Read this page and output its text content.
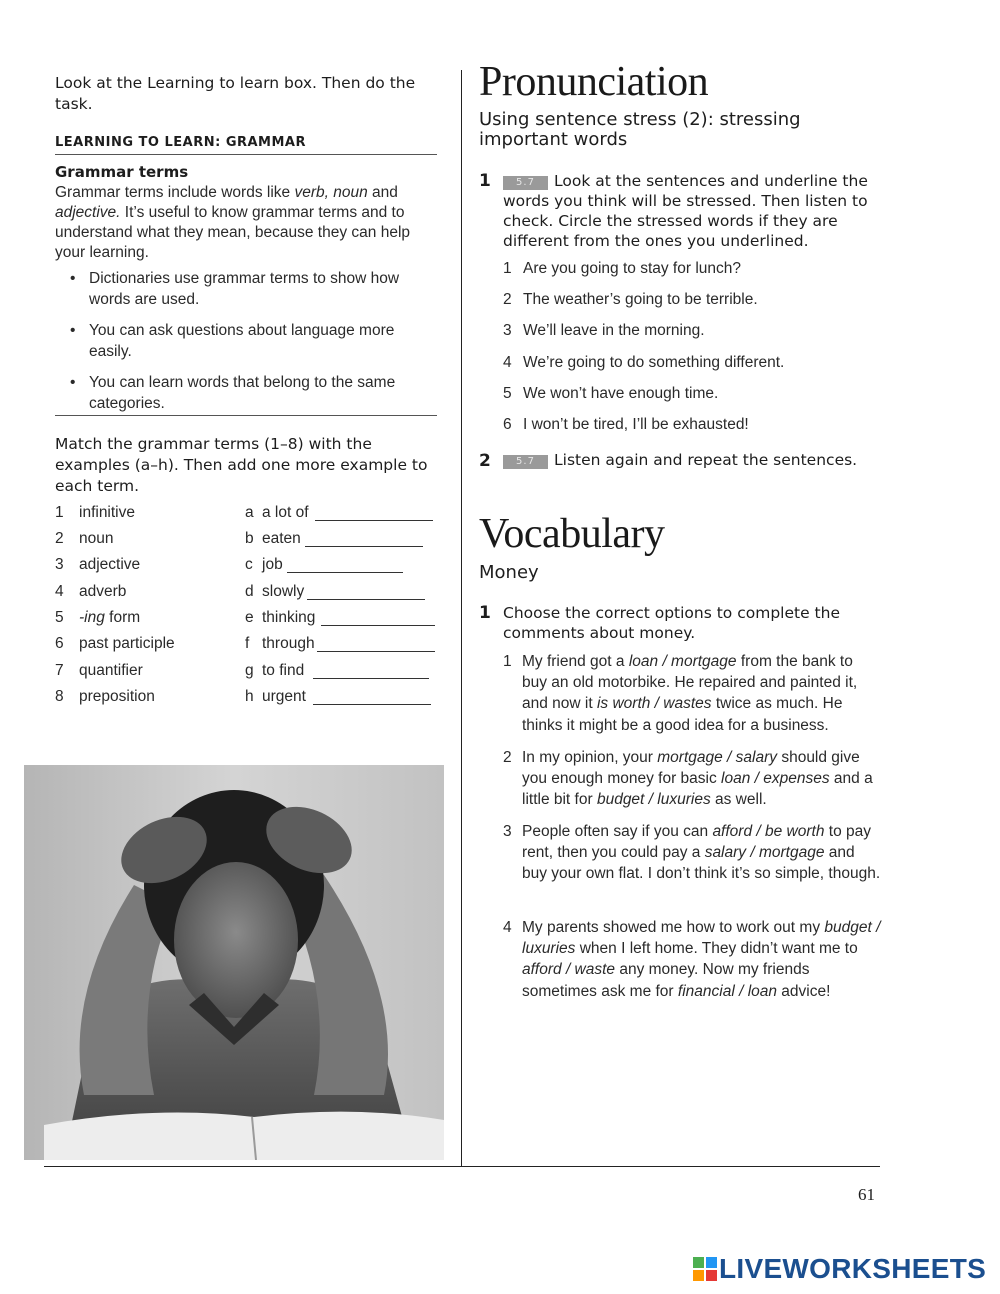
Look at the Learning to learn box. Then do the task.
LEARNING TO LEARN: GRAMMAR
Grammar terms
Grammar terms include words like verb, noun and adjective. It’s useful to know grammar terms and to understand what they mean, because they can help your learning.
• Dictionaries use grammar terms to show how words are used.
• You can ask questions about language more easily.
• You can learn words that belong to the same categories.
Match the grammar terms (1–8) with the examples (a–h). Then add one more example to each term.
1 infinitive	a a lot of
2 noun	b eaten
3 adjective	c job
4 adverb	d slowly
5 -ing form	e thinking
6 past participle	f through
7 quantifier	g to find
8 preposition	h urgent
61
Pronunciation
Using sentence stress (2): stressing important words
1	5.7 Look at the sentences and underline the words you think will be stressed. Then listen to check. Circle the stressed words if they are different from the ones you underlined.
1 Are you going to stay for lunch?
2 The weather’s going to be terrible.
3 We’ll leave in the morning.
4 We’re going to do something different.
5 We won’t have enough time.
6 I won’t be tired, I’ll be exhausted!
2	5.7 Listen again and repeat the sentences.
Vocabulary
Money
1 Choose the correct options to complete the comments about money.
1 My friend got a loan / mortgage from the bank to buy an old motorbike. He repaired and painted it, and now it is worth / wastes twice as much. He thinks it might be a good idea for a business.
2 In my opinion, your mortgage / salary should give you enough money for basic loan / expenses and a little bit for budget / luxuries as well.
3 People often say if you can afford / be worth to pay rent, then you could pay a salary / mortgage and buy your own flat. I don’t think it’s so simple, though.
4 My parents showed me how to work out my budget / luxuries when I left home. They didn’t want me to afford / waste any money. Now my friends sometimes ask me for financial / loan advice!
LIVEWORKSHEETS
